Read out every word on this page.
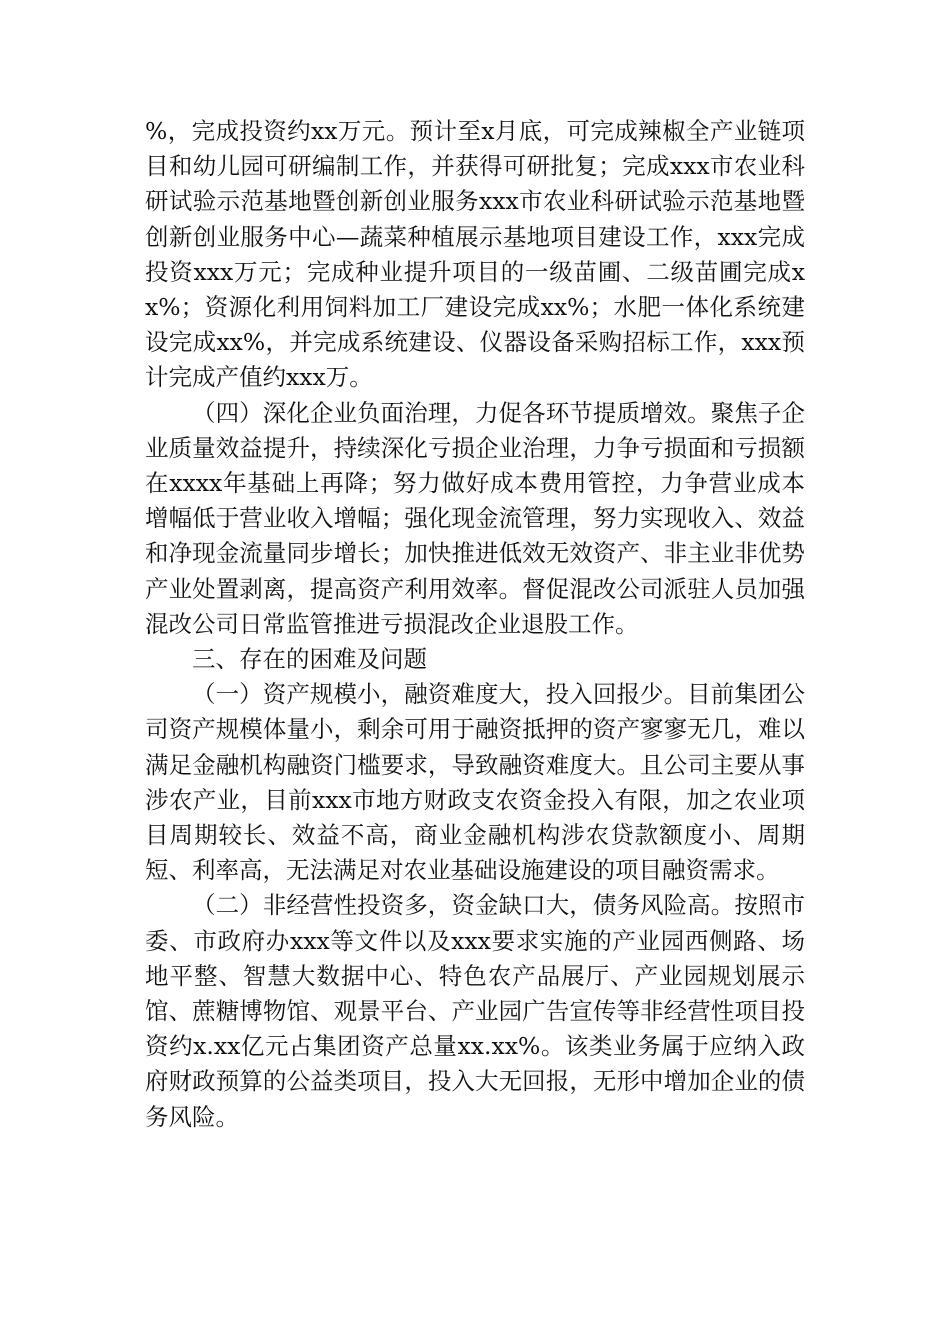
%，完成投资约xx万元。预计至x月底，可完成辣椒全产业链项目和幼儿园可研编制工作，并获得可研批复；完成xxx市农业科研试验示范基地暨创新创业服务xxx市农业科研试验示范基地暨创新创业服务中心—蔬菜种植展示基地项目建设工作，xxx完成投资xxx万元；完成种业提升项目的一级苗圃、二级苗圃完成xx%；资源化利用饲料加工厂建设完成xx%；水肥一体化系统建设完成xx%，并完成系统建设、仪器设备采购招标工作，xxx预计完成产值约xxx万。

（四）深化企业负面治理，力促各环节提质增效。聚焦子企业质量效益提升，持续深化亏损企业治理，力争亏损面和亏损额在xxxx年基础上再降；努力做好成本费用管控，力争营业成本增幅低于营业收入增幅；强化现金流管理，努力实现收入、效益和净现金流量同步增长；加快推进低效无效资产、非主业非优势产业处置剥离，提高资产利用效率。督促混改公司派驻人员加强混改公司日常监管推进亏损混改企业退股工作。

三、存在的困难及问题

（一）资产规模小，融资难度大，投入回报少。目前集团公司资产规模体量小，剩余可用于融资抵押的资产寥寥无几，难以满足金融机构融资门槛要求，导致融资难度大。且公司主要从事涉农产业，目前xxx市地方财政支农资金投入有限，加之农业项目周期较长、效益不高，商业金融机构涉农贷款额度小、周期短、利率高，无法满足对农业基础设施建设的项目融资需求。

（二）非经营性投资多，资金缺口大，债务风险高。按照市委、市政府办xxx等文件以及xxx要求实施的产业园西侧路、场地平整、智慧大数据中心、特色农产品展厅、产业园规划展示馆、蔗糖博物馆、观景平台、产业园广告宣传等非经营性项目投资约x.xx亿元占集团资产总量xx.xx%。该类业务属于应纳入政府财政预算的公益类项目，投入大无回报，无形中增加企业的债务风险。
